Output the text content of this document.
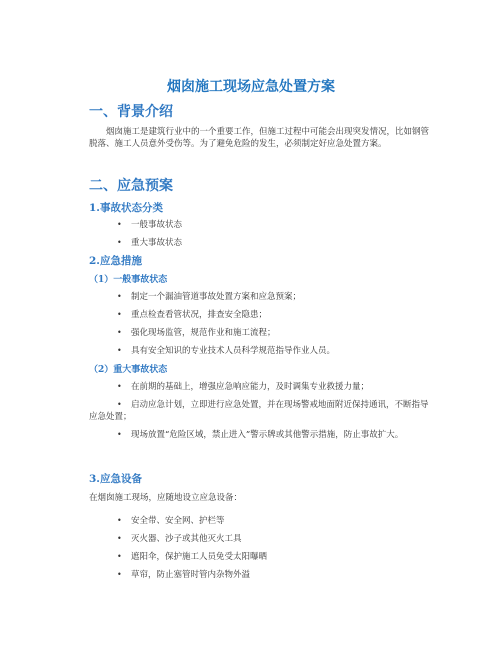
烟囱施工现场应急处置方案
一、背景介绍
烟囱施工是建筑行业中的一个重要工作，但施工过程中可能会出现突发情况，比如钢管脱落、施工人员意外受伤等。为了避免危险的发生，必须制定好应急处置方案。
二、应急预案
1.事故状态分类
•	一般事故状态
•	重大事故状态
2.应急措施
（1）一般事故状态
•	制定一个漏油管道事故处置方案和应急预案；
•	重点检查看管状况，排查安全隐患；
•	强化现场监管，规范作业和施工流程；
•	具有安全知识的专业技术人员科学规范指导作业人员。
（2）重大事故状态
•	在前期的基础上，增强应急响应能力，及时调集专业救援力量；
•	启动应急计划，立即进行应急处置，并在现场警戒地面附近保持通讯，不断指导应急处置；
•	现场放置“危险区域，禁止进入”警示牌或其他警示措施，防止事故扩大。
3.应急设备
在烟囱施工现场，应随地设立应急设备：
•	安全带、安全网、护栏等
•	灭火器、沙子或其他灭火工具
•	遮阳伞，保护施工人员免受太阳曝晒
•	草帘，防止塞管时管内杂物外溢
